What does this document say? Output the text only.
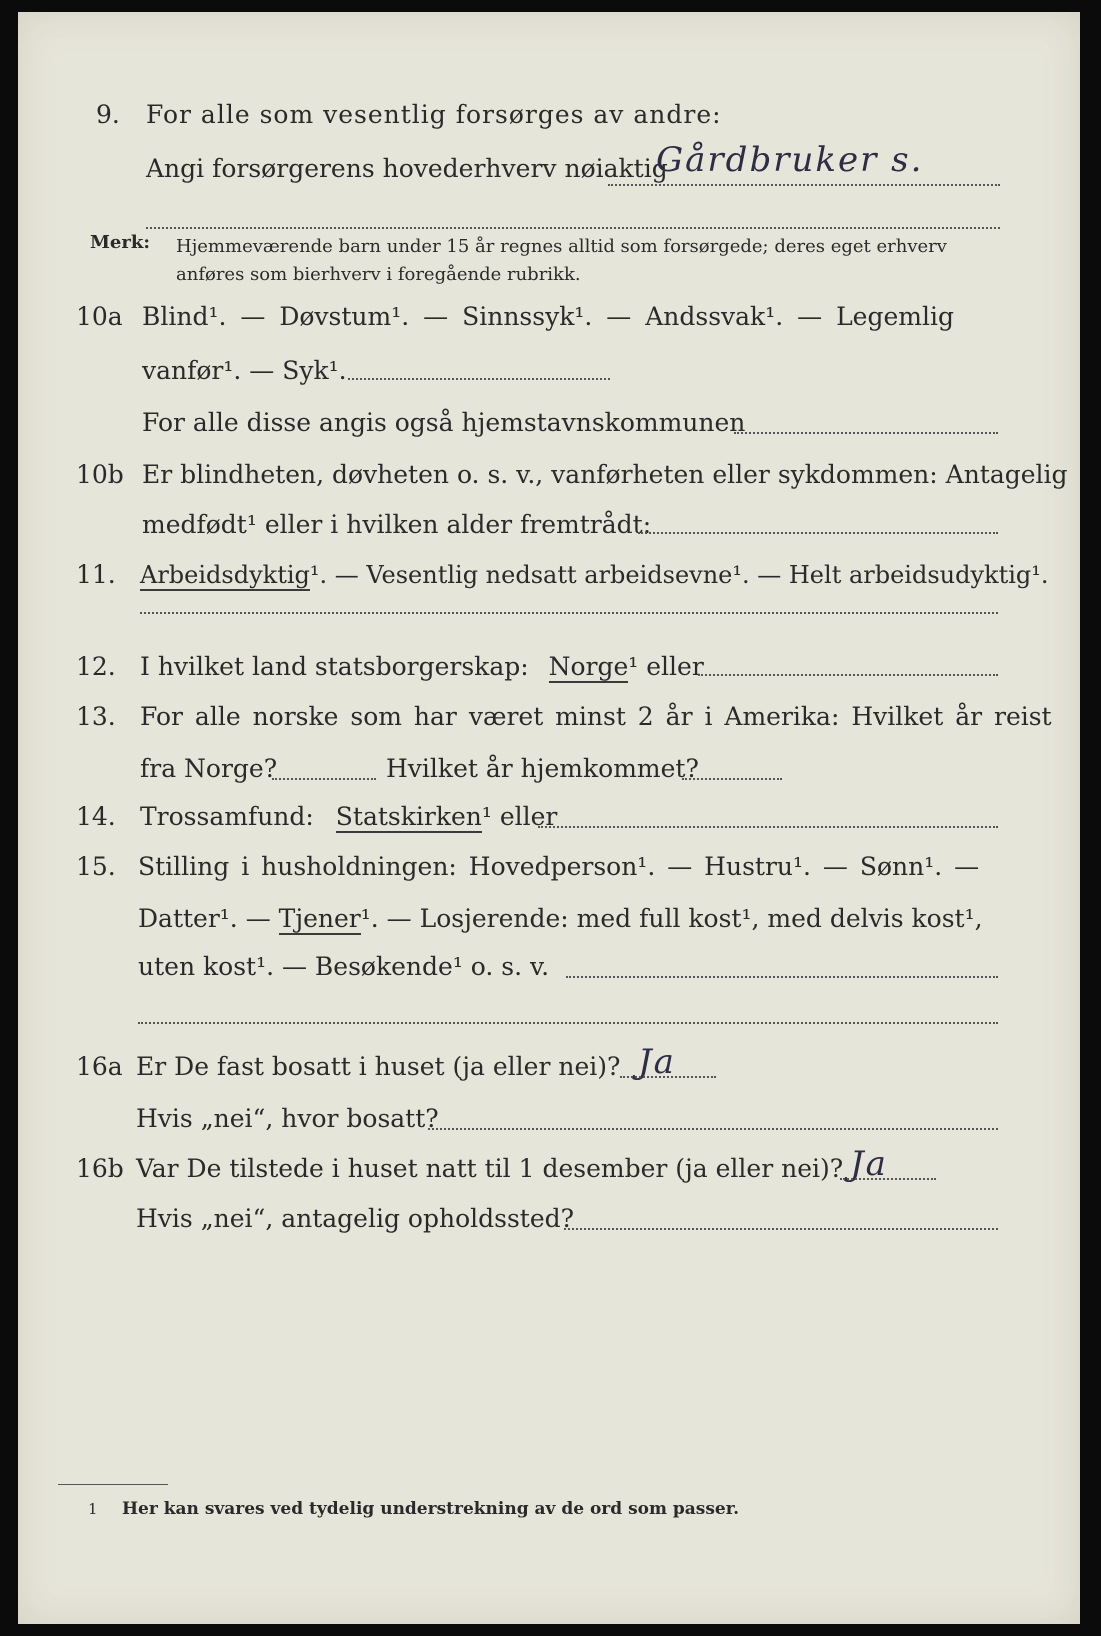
9. For alle som vesentlig forsørges av andre:
Angi forsørgerens hovederhverv nøiaktig
Gårdbruker s.
Merk: Hjemmeværende barn under 15 år regnes alltid som forsørgede; deres eget erhverv
anføres som bierhverv i foregående rubrikk.
10a Blind¹. — Døvstum¹. — Sinnssyk¹. — Andssvak¹. — Legemlig
vanfør¹. — Syk¹.
For alle disse angis også hjemstavnskommunen
10b Er blindheten, døvheten o. s. v., vanførheten eller sykdommen: Antagelig
medfødt¹ eller i hvilken alder fremtrådt:
11. Arbeidsdyktig¹. — Vesentlig nedsatt arbeidsevne¹. — Helt arbeidsudyktig¹.
12. I hvilket land statsborgerskap: Norge¹ eller
13. For alle norske som har været minst 2 år i Amerika: Hvilket år reist
fra Norge?	Hvilket år hjemkommet?
14. Trossamfund: Statskirken¹ eller
15. Stilling i husholdningen: Hovedperson¹. — Hustru¹. — Sønn¹. —
Datter¹. — Tjener¹. — Losjerende: med full kost¹, med delvis kost¹,
uten kost¹. — Besøkende¹ o. s. v.
16a Er De fast bosatt i huset (ja eller nei)? Ja
Hvis „nei“, hvor bosatt?
16b Var De tilstede i huset natt til 1 desember (ja eller nei)? Ja
Hvis „nei“, antagelig opholdssted?
1 Her kan svares ved tydelig understrekning av de ord som passer.
